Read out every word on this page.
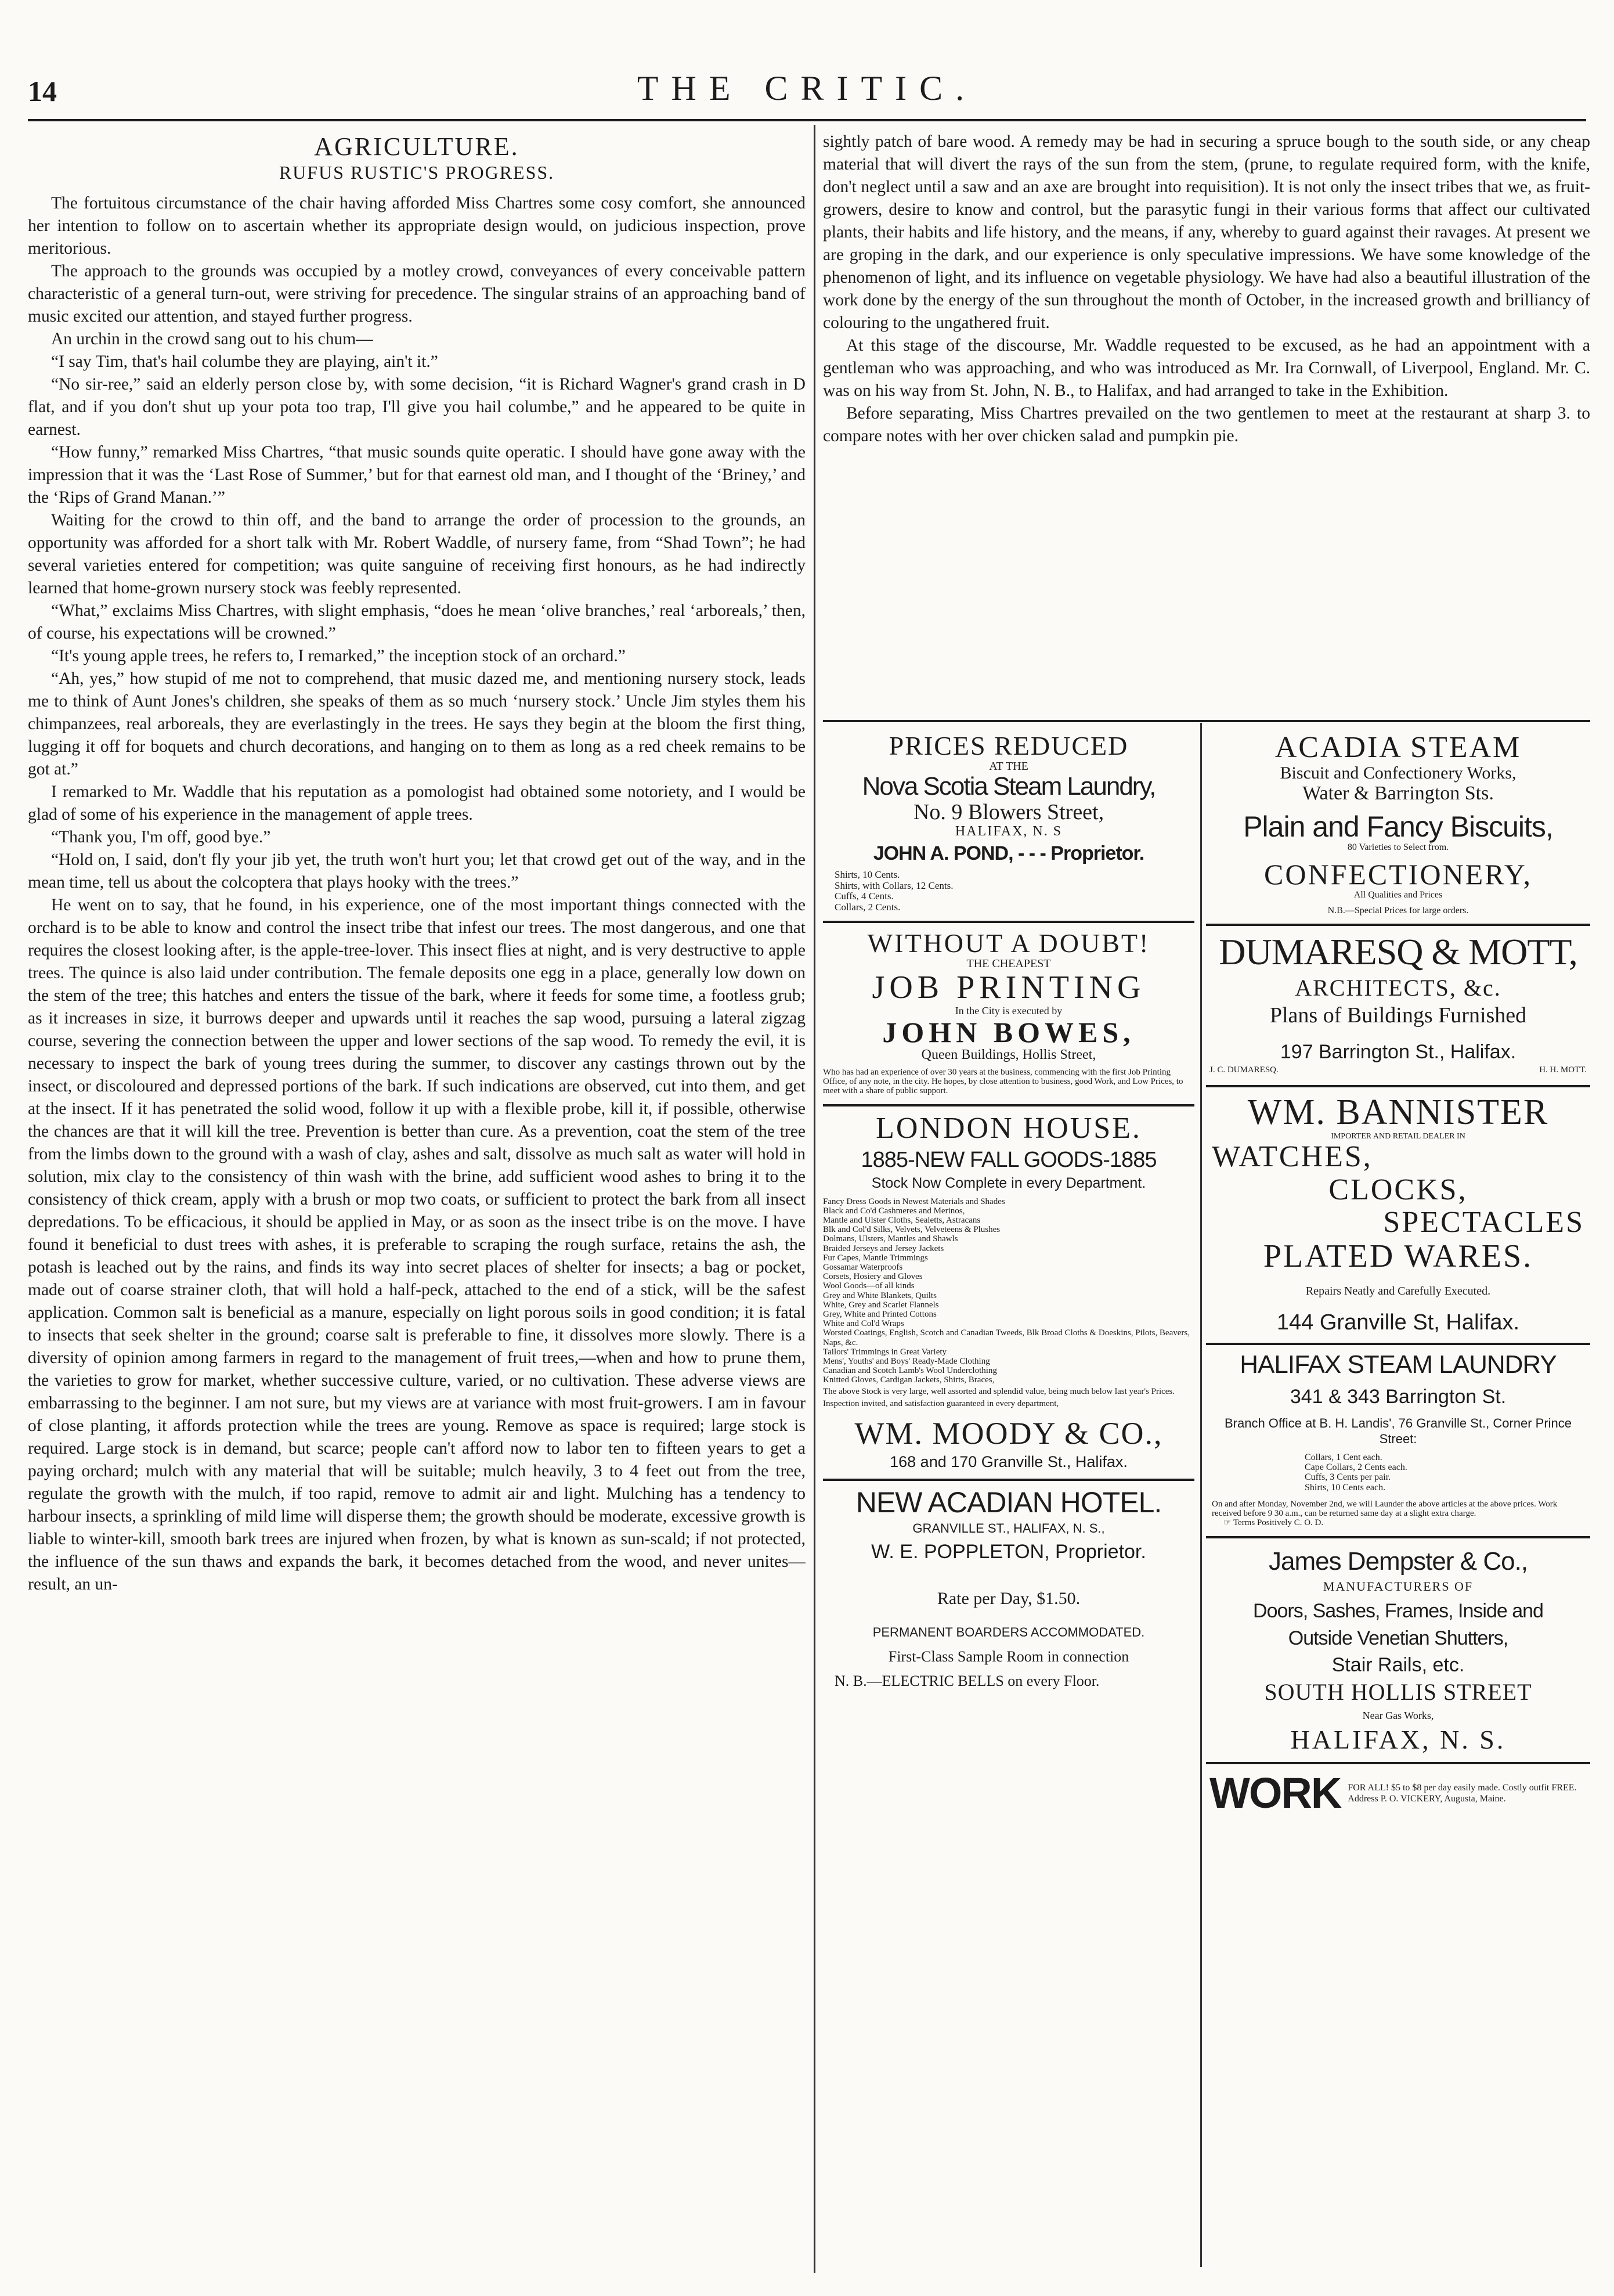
14	THE CRITIC.
AGRICULTURE.
RUFUS RUSTIC'S PROGRESS.

The fortuitous circumstance of the chair having afforded Miss Chartres some cosy comfort, she announced her intention to follow on to ascertain whether its appropriate design would, on judicious inspection, prove meritorious.

The approach to the grounds was occupied by a motley crowd, conveyances of every conceivable pattern characteristic of a general turn-out, were striving for precedence. The singular strains of an approaching band of music excited our attention, and stayed further progress.

An urchin in the crowd sang out to his chum—

“I say Tim, that's hail columbe they are playing, ain't it.”

“No sir-ree,” said an elderly person close by, with some decision, “it is Richard Wagner's grand crash in D flat, and if you don't shut up your pota too trap, I'll give you hail columbe,” and he appeared to be quite in earnest.

“How funny,” remarked Miss Chartres, “that music sounds quite operatic. I should have gone away with the impression that it was the ‘Last Rose of Summer,’ but for that earnest old man, and I thought of the ‘Briney,’ and the ‘Rips of Grand Manan.’”

Waiting for the crowd to thin off, and the band to arrange the order of procession to the grounds, an opportunity was afforded for a short talk with Mr. Robert Waddle, of nursery fame, from “Shad Town”; he had several varieties entered for competition; was quite sanguine of receiving first honours, as he had indirectly learned that home-grown nursery stock was feebly represented.

“What,” exclaims Miss Chartres, with slight emphasis, “does he mean ‘olive branches,’ real ‘arboreals,’ then, of course, his expectations will be crowned.”

“It's young apple trees, he refers to, I remarked,” the inception stock of an orchard.”

“Ah, yes,” how stupid of me not to comprehend, that music dazed me, and mentioning nursery stock, leads me to think of Aunt Jones's children, she speaks of them as so much ‘nursery stock.’ Uncle Jim styles them his chimpanzees, real arboreals, they are everlastingly in the trees. He says they begin at the bloom the first thing, lugging it off for boquets and church decorations, and hanging on to them as long as a red cheek remains to be got at.”

I remarked to Mr. Waddle that his reputation as a pomologist had obtained some notoriety, and I would be glad of some of his experience in the management of apple trees.

“Thank you, I'm off, good bye.”

“Hold on, I said, don't fly your jib yet, the truth won't hurt you; let that crowd get out of the way, and in the mean time, tell us about the colcoptera that plays hooky with the trees.”

He went on to say, that he found, in his experience, one of the most important things connected with the orchard is to be able to know and control the insect tribe that infest our trees. The most dangerous, and one that requires the closest looking after, is the apple-tree-lover. This insect flies at night, and is very destructive to apple trees. The quince is also laid under contribution. The female deposits one egg in a place, generally low down on the stem of the tree; this hatches and enters the tissue of the bark, where it feeds for some time, a footless grub; as it increases in size, it burrows deeper and upwards until it reaches the sap wood, pursuing a lateral zigzag course, severing the connection between the upper and lower sections of the sap wood. To remedy the evil, it is necessary to inspect the bark of young trees during the summer, to discover any castings thrown out by the insect, or discoloured and depressed portions of the bark. If such indications are observed, cut into them, and get at the insect. If it has penetrated the solid wood, follow it up with a flexible probe, kill it, if possible, otherwise the chances are that it will kill the tree. Prevention is better than cure. As a prevention, coat the stem of the tree from the limbs down to the ground with a wash of clay, ashes and salt, dissolve as much salt as water will hold in solution, mix clay to the consistency of thin wash with the brine, add sufficient wood ashes to bring it to the consistency of thick cream, apply with a brush or mop two coats, or sufficient to protect the bark from all insect depredations. To be efficacious, it should be applied in May, or as soon as the insect tribe is on the move. I have found it beneficial to dust trees with ashes, it is preferable to scraping the rough surface, retains the ash, the potash is leached out by the rains, and finds its way into secret places of shelter for insects; a bag or pocket, made out of coarse strainer cloth, that will hold a half-peck, attached to the end of a stick, will be the safest application. Common salt is beneficial as a manure, especially on light porous soils in good condition; it is fatal to insects that seek shelter in the ground; coarse salt is preferable to fine, it dissolves more slowly. There is a diversity of opinion among farmers in regard to the management of fruit trees,—when and how to prune them, the varieties to grow for market, whether successive culture, varied, or no cultivation. These adverse views are embarrassing to the beginner. I am not sure, but my views are at variance with most fruit-growers. I am in favour of close planting, it affords protection while the trees are young. Remove as space is required; large stock is required. Large stock is in demand, but scarce; people can't afford now to labor ten to fifteen years to get a paying orchard; mulch with any material that will be suitable; mulch heavily, 3 to 4 feet out from the tree, regulate the growth with the mulch, if too rapid, remove to admit air and light. Mulching has a tendency to harbour insects, a sprinkling of mild lime will disperse them; the growth should be moderate, excessive growth is liable to winter-kill, smooth bark trees are injured when frozen, by what is known as sun-scald; if not protected, the influence of the sun thaws and expands the bark, it becomes detached from the wood, and never unites—result, an un-

sightly patch of bare wood. A remedy may be had in securing a spruce bough to the south side, or any cheap material that will divert the rays of the sun from the stem, (prune, to regulate required form, with the knife, don't neglect until a saw and an axe are brought into requisition). It is not only the insect tribes that we, as fruit-growers, desire to know and control, but the parasytic fungi in their various forms that affect our cultivated plants, their habits and life history, and the means, if any, whereby to guard against their ravages. At present we are groping in the dark, and our experience is only speculative impressions. We have some knowledge of the phenomenon of light, and its influence on vegetable physiology. We have had also a beautiful illustration of the work done by the energy of the sun throughout the month of October, in the increased growth and brilliancy of colouring to the ungathered fruit.

At this stage of the discourse, Mr. Waddle requested to be excused, as he had an appointment with a gentleman who was approaching, and who was introduced as Mr. Ira Cornwall, of Liverpool, England. Mr. C. was on his way from St. John, N. B., to Halifax, and had arranged to take in the Exhibition.

Before separating, Miss Chartres prevailed on the two gentlemen to meet at the restaurant at sharp 3. to compare notes with her over chicken salad and pumpkin pie.

PRICES REDUCED
AT THE
Nova Scotia Steam Laundry,
No. 9 Blowers Street,
HALIFAX, N. S
JOHN A. POND, - - - Proprietor.
Shirts, 10 Cents.
Shirts, with Collars, 12 Cents.
Cuffs, 4 Cents.
Collars, 2 Cents.
WITHOUT A DOUBT!
THE CHEAPEST
JOB PRINTING
In the City is executed by
JOHN BOWES,
Queen Buildings, Hollis Street,
Who has had an experience of over 30 years at the business, commencing with the first Job Printing Office, of any note, in the city. He hopes, by close attention to business, good Work, and Low Prices, to meet with a share of public support.
LONDON HOUSE.
1885-NEW FALL GOODS-1885
Stock Now Complete in every Department.
Fancy Dress Goods in Newest Materials and Shades
Black and Co'd Cashmeres and Merinos,
Mantle and Ulster Cloths, Sealetts, Astracans
Blk and Col'd Silks, Velvets, Velveteens & Plushes
Dolmans, Ulsters, Mantles and Shawls
Braided Jerseys and Jersey Jackets
Fur Capes, Mantle Trimmings
Gossamar Waterproofs
Corsets, Hosiery and Gloves
Wool Goods—of all kinds
Grey and White Blankets, Quilts
White, Grey and Scarlet Flannels
Grey, White and Printed Cottons
White and Col'd Wraps
Worsted Coatings, English, Scotch and Canadian Tweeds, Blk Broad Cloths & Doeskins, Pilots, Beavers, Naps, &c.
Tailors' Trimmings in Great Variety
Mens', Youths' and Boys' Ready-Made Clothing
Canadian and Scotch Lamb's Wool Underclothing
Knitted Gloves, Cardigan Jackets, Shirts, Braces,
The above Stock is very large, well assorted and splendid value, being much below last year's Prices.
Inspection invited, and satisfaction guaranteed in every department,
WM. MOODY & CO.,
168 and 170 Granville St., Halifax.
NEW ACADIAN HOTEL.
GRANVILLE ST., HALIFAX, N. S.,
W. E. POPPLETON, Proprietor.
Rate per Day, $1.50.
PERMANENT BOARDERS ACCOMMODATED.
First-Class Sample Room in connection
N. B.—ELECTRIC BELLS on every Floor.
ACADIA STEAM
Biscuit and Confectionery Works,
Water & Barrington Sts.
Plain and Fancy Biscuits,
80 Varieties to Select from.
CONFECTIONERY,
All Qualities and Prices
N.B.—Special Prices for large orders.
DUMARESQ & MOTT,
ARCHITECTS, &c.
Plans of Buildings Furnished
197 Barrington St., Halifax.
J. C. DUMARESQ.	H. H. MOTT.
WM. BANNISTER
IMPORTER AND RETAIL DEALER IN
WATCHES,
CLOCKS,
SPECTACLES
PLATED WARES.
Repairs Neatly and Carefully Executed.
144 Granville St, Halifax.
HALIFAX STEAM LAUNDRY
341 & 343 Barrington St.
Branch Office at B. H. Landis', 76 Granville St., Corner Prince Street:
Collars, 1 Cent each.
Cape Collars, 2 Cents each.
Cuffs, 3 Cents per pair.
Shirts, 10 Cents each.
On and after Monday, November 2nd, we will Launder the above articles at the above prices. Work received before 9 30 a.m., can be returned same day at a slight extra charge.
☞ Terms Positively C. O. D.
James Dempster & Co.,
MANUFACTURERS OF
Doors, Sashes, Frames, Inside and
Outside Venetian Shutters,
Stair Rails, etc.
SOUTH HOLLIS STREET
Near Gas Works,
HALIFAX, N. S.
WORK FOR ALL! $5 to $8 per day easily made. Costly outfit FREE. Address P. O. VICKERY, Augusta, Maine.
